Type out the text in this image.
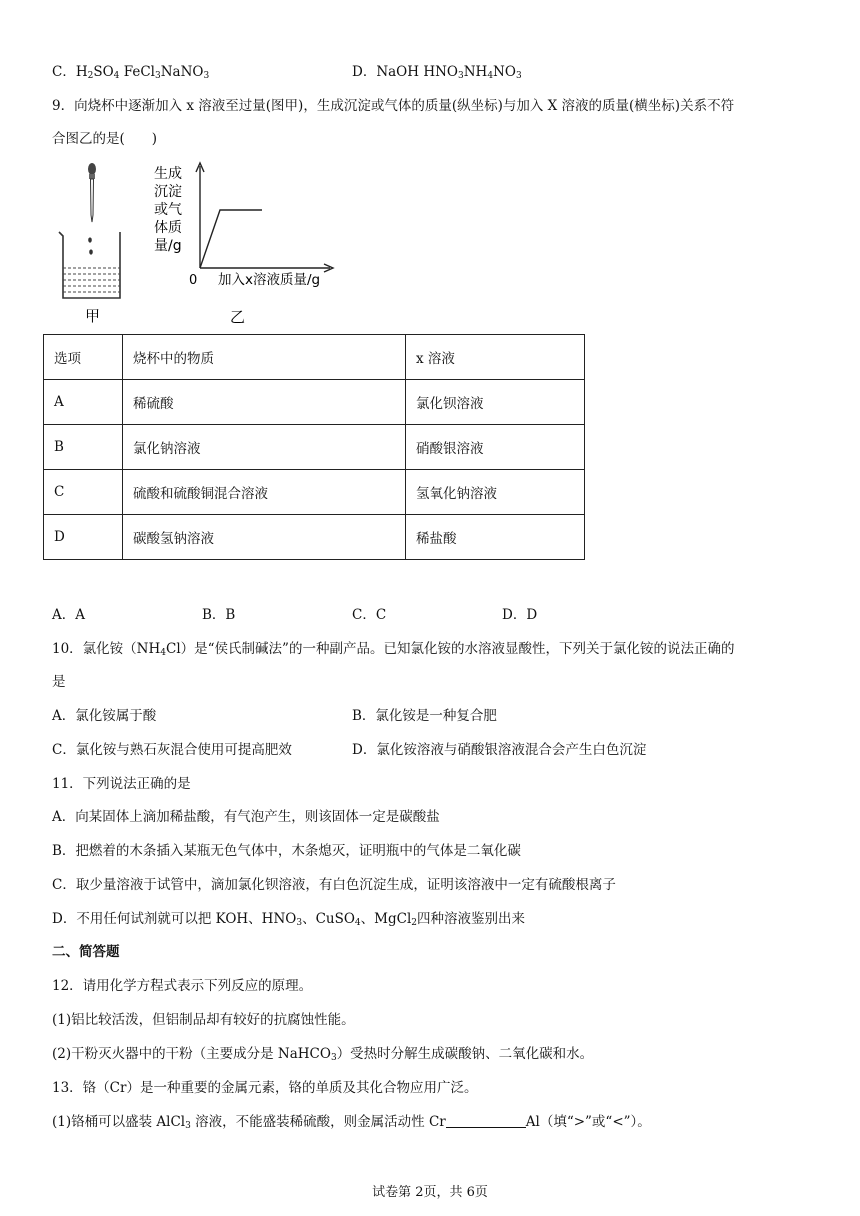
C．$H_2SO_4$ FeCl$_3$NaNO$_3$	D．NaOH $HNO_3NH_4NO_3$
9．向烧杯中逐渐加入 x 溶液至过量(图甲)，生成沉淀或气体的质量(纵坐标)与加入 X 溶液的质量(横坐标)关系不符
合图乙的是(　　)
甲
生成
沉淀
或气
体质
量/g
0 加入x溶液质量/g
乙
选项	烧杯中的物质	x 溶液
A	稀硫酸	氯化钡溶液
B	氯化钠溶液	硝酸银溶液
C	硫酸和硫酸铜混合溶液	氢氧化钠溶液
D	碳酸氢钠溶液	稀盐酸
A．A	B．B	C．C	D．D
10．氯化铵$(NH_4Cl)$是“侯氏制碱法”的一种副产品。已知氯化铵的水溶液显酸性，下列关于氯化铵的说法正确的
是
A．氯化铵属于酸	B．氯化铵是一种复合肥
C．氯化铵与熟石灰混合使用可提高肥效	D．氯化铵溶液与硝酸银溶液混合会产生白色沉淀
11．下列说法正确的是
A．向某固体上滴加稀盐酸，有气泡产生，则该固体一定是碳酸盐
B．把燃着的木条插入某瓶无色气体中，木条熄灭，证明瓶中的气体是二氧化碳
C．取少量溶液于试管中，滴加氯化钡溶液，有白色沉淀生成，证明该溶液中一定有硫酸根离子
D．不用任何试剂就可以把 KOH、$HNO_3$、CuSO$_4$、MgCl$_2$四种溶液鉴别出来
二、简答题
12．请用化学方程式表示下列反应的原理。
(1)铝比较活泼，但铝制品却有较好的抗腐蚀性能。
(2)干粉灭火器中的干粉（主要成分是 NaHCO$_3$）受热时分解生成碳酸钠、二氧化碳和水。
13．铬（Cr）是一种重要的金属元素，铬的单质及其化合物应用广泛。
(1)铬桶可以盛装 AlCl$_3$ 溶液，不能盛装稀硫酸，则金属活动性 Cr	Al（填“>”或“<”）。
试卷第 2页，共 6页
